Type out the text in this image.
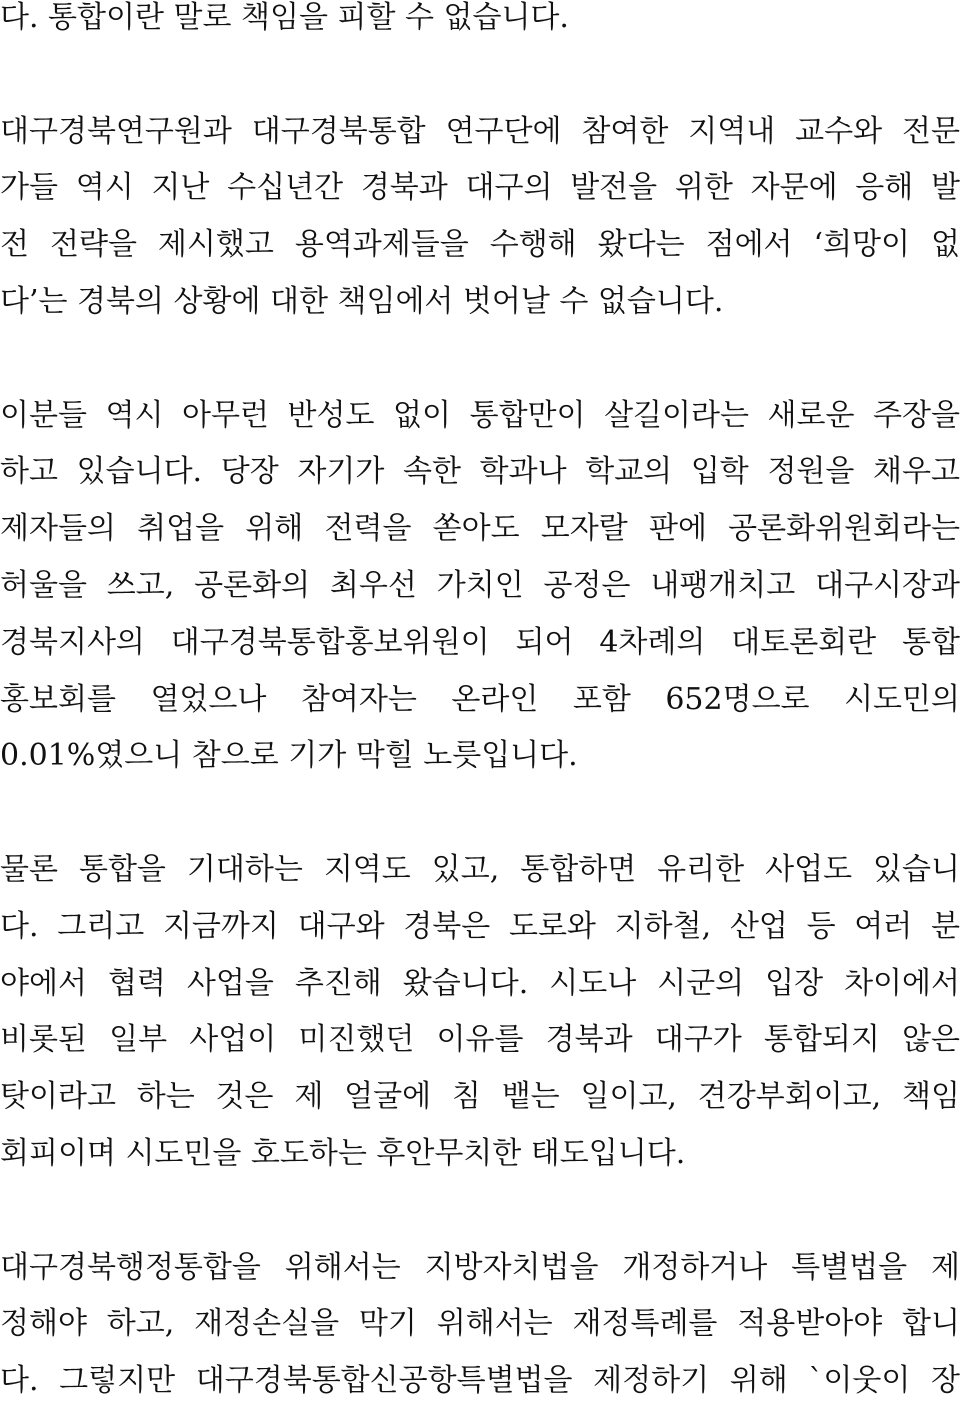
다. 통합이란 말로 책임을 피할 수 없습니다.
대구경북연구원과 대구경북통합 연구단에 참여한 지역내 교수와 전문
가들 역시 지난 수십년간 경북과 대구의 발전을 위한 자문에 응해 발
전 전략을 제시했고 용역과제들을 수행해 왔다는 점에서 ‘희망이 없
다’는 경북의 상황에 대한 책임에서 벗어날 수 없습니다.
이분들 역시 아무런 반성도 없이 통합만이 살길이라는 새로운 주장을
하고 있습니다. 당장 자기가 속한 학과나 학교의 입학 정원을 채우고
제자들의 취업을 위해 전력을 쏟아도 모자랄 판에 공론화위원회라는
허울을 쓰고, 공론화의 최우선 가치인 공정은 내팽개치고 대구시장과
경북지사의 대구경북통합홍보위원이 되어 4차례의 대토론회란 통합
홍보회를 열었으나 참여자는 온라인 포함 652명으로 시도민의
0.01%였으니 참으로 기가 막힐 노릇입니다.
물론 통합을 기대하는 지역도 있고, 통합하면 유리한 사업도 있습니
다. 그리고 지금까지 대구와 경북은 도로와 지하철, 산업 등 여러 분
야에서 협력 사업을 추진해 왔습니다. 시도나 시군의 입장 차이에서
비롯된 일부 사업이 미진했던 이유를 경북과 대구가 통합되지 않은
탓이라고 하는 것은 제 얼굴에 침 뱉는 일이고, 견강부회이고, 책임
회피이며 시도민을 호도하는 후안무치한 태도입니다.
대구경북행정통합을 위해서는 지방자치법을 개정하거나 특별법을 제
정해야 하고, 재정손실을 막기 위해서는 재정특례를 적용받아야 합니
다. 그렇지만 대구경북통합신공항특별법을 제정하기 위해 `이웃이 장
